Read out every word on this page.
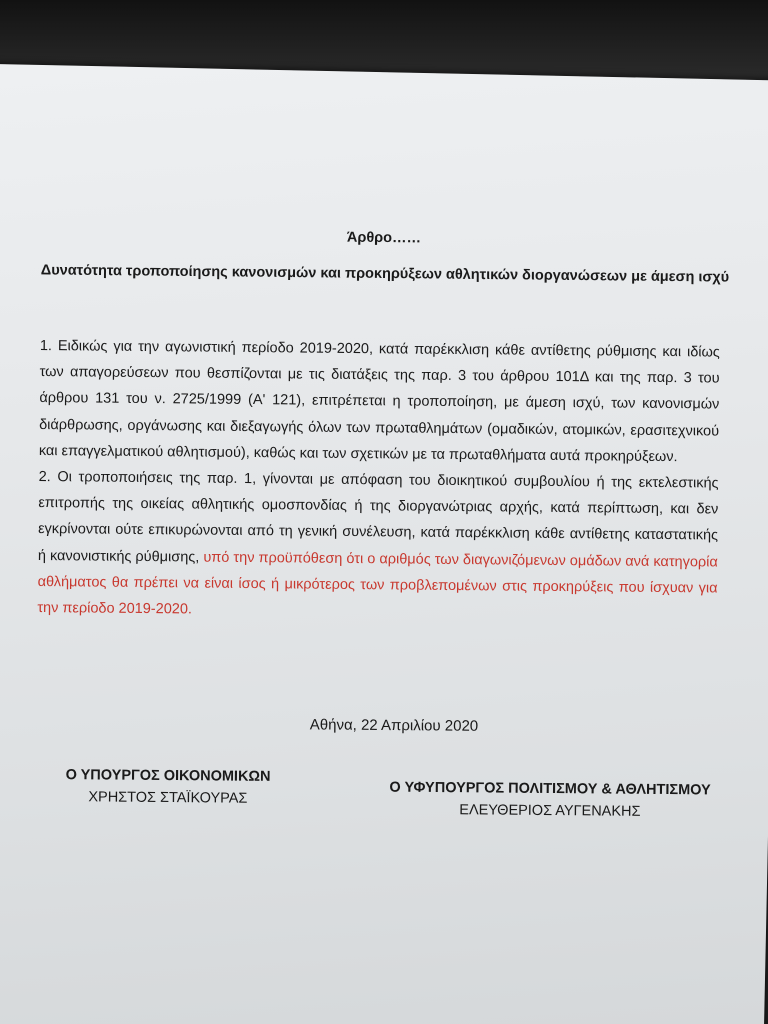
Άρθρο……
Δυνατότητα τροποποίησης κανονισμών και προκηρύξεων αθλητικών διοργανώσεων με άμεση ισχύ

1. Ειδικώς για την αγωνιστική περίοδο 2019-2020, κατά παρέκκλιση κάθε αντίθετης ρύθμισης και ιδίως των απαγορεύσεων που θεσπίζονται με τις διατάξεις της παρ. 3 του άρθρου 101Δ και της παρ. 3 του άρθρου 131 του ν. 2725/1999 (Α' 121), επιτρέπεται η τροποποίηση, με άμεση ισχύ, των κανονισμών διάρθρωσης, οργάνωσης και διεξαγωγής όλων των πρωταθλημάτων (ομαδικών, ατομικών, ερασιτεχνικού και επαγγελματικού αθλητισμού), καθώς και των σχετικών με τα πρωταθλήματα αυτά προκηρύξεων.

2. Οι τροποποιήσεις της παρ. 1, γίνονται με απόφαση του διοικητικού συμβουλίου ή της εκτελεστικής επιτροπής της οικείας αθλητικής ομοσπονδίας ή της διοργανώτριας αρχής, κατά περίπτωση, και δεν εγκρίνονται ούτε επικυρώνονται από τη γενική συνέλευση, κατά παρέκκλιση κάθε αντίθετης καταστατικής ή κανονιστικής ρύθμισης, υπό την προϋπόθεση ότι ο αριθμός των διαγωνιζόμενων ομάδων ανά κατηγορία αθλήματος θα πρέπει να είναι ίσος ή μικρότερος των προβλεπομένων στις προκηρύξεις που ίσχυαν για την περίοδο 2019-2020.

Αθήνα, 22 Απριλίου 2020
Ο ΥΠΟΥΡΓΟΣ ΟΙΚΟΝΟΜΙΚΩΝ
ΧΡΗΣΤΟΣ ΣΤΑΪΚΟΥΡΑΣ	Ο ΥΦΥΠΟΥΡΓΟΣ ΠΟΛΙΤΙΣΜΟΥ & ΑΘΛΗΤΙΣΜΟΥ
ΕΛΕΥΘΕΡΙΟΣ ΑΥΓΕΝΑΚΗΣ
